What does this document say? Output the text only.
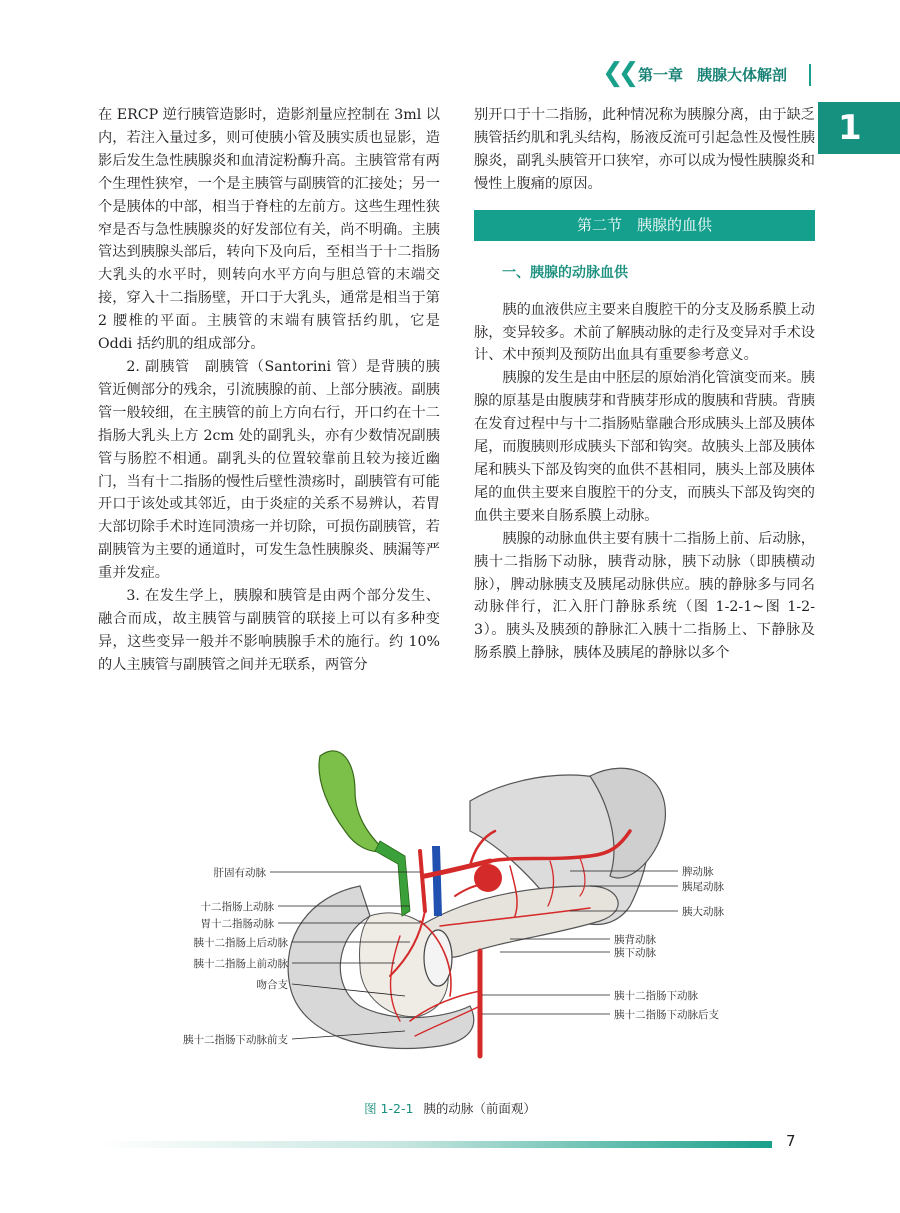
❮❮ 第一章 胰腺大体解剖
1

在 ERCP 逆行胰管造影时，造影剂量应控制在 3ml 以内，若注入量过多，则可使胰小管及胰实质也显影，造影后发生急性胰腺炎和血清淀粉酶升高。主胰管常有两个生理性狭窄，一个是主胰管与副胰管的汇接处；另一个是胰体的中部，相当于脊柱的左前方。这些生理性狭窄是否与急性胰腺炎的好发部位有关，尚不明确。主胰管达到胰腺头部后，转向下及向后，至相当于十二指肠大乳头的水平时，则转向水平方向与胆总管的末端交接，穿入十二指肠壁，开口于大乳头，通常是相当于第 2 腰椎的平面。主胰管的末端有胰管括约肌，它是 Oddi 括约肌的组成部分。

2. 副胰管　副胰管（Santorini 管）是背胰的胰管近侧部分的残余，引流胰腺的前、上部分胰液。副胰管一般较细，在主胰管的前上方向右行，开口约在十二指肠大乳头上方 2cm 处的副乳头，亦有少数情况副胰管与肠腔不相通。副乳头的位置较靠前且较为接近幽门，当有十二指肠的慢性后壁性溃疡时，副胰管有可能开口于该处或其邻近，由于炎症的关系不易辨认，若胃大部切除手术时连同溃疡一并切除，可损伤副胰管，若副胰管为主要的通道时，可发生急性胰腺炎、胰漏等严重并发症。

3. 在发生学上，胰腺和胰管是由两个部分发生、融合而成，故主胰管与副胰管的联接上可以有多种变异，这些变异一般并不影响胰腺手术的施行。约 10% 的人主胰管与副胰管之间并无联系，两管分

别开口于十二指肠，此种情况称为胰腺分离，由于缺乏胰管括约肌和乳头结构，肠液反流可引起急性及慢性胰腺炎，副乳头胰管开口狭窄，亦可以成为慢性胰腺炎和慢性上腹痛的原因。

第二节　胰腺的血供
一、胰腺的动脉血供

胰的血液供应主要来自腹腔干的分支及肠系膜上动脉，变异较多。术前了解胰动脉的走行及变异对手术设计、术中预判及预防出血具有重要参考意义。

胰腺的发生是由中胚层的原始消化管演变而来。胰腺的原基是由腹胰芽和背胰芽形成的腹胰和背胰。背胰在发育过程中与十二指肠贴靠融合形成胰头上部及胰体尾，而腹胰则形成胰头下部和钩突。故胰头上部及胰体尾和胰头下部及钩突的血供不甚相同，胰头上部及胰体尾的血供主要来自腹腔干的分支，而胰头下部及钩突的血供主要来自肠系膜上动脉。

胰腺的动脉血供主要有胰十二指肠上前、后动脉，胰十二指肠下动脉，胰背动脉，胰下动脉（即胰横动脉），脾动脉胰支及胰尾动脉供应。胰的静脉多与同名动脉伴行，汇入肝门静脉系统（图 1-2-1~图 1-2-3）。胰头及胰颈的静脉汇入胰十二指肠上、下静脉及肠系膜上静脉，胰体及胰尾的静脉以多个

肝固有动脉
十二指肠上动脉
胃十二指肠动脉
胰十二指肠上后动脉
胰十二指肠上前动脉
吻合支
胰十二指肠下动脉前支
脾动脉
胰尾动脉
胰大动脉
胰背动脉
胰下动脉
胰十二指肠下动脉
胰十二指肠下动脉后支
图 1-2-1 胰的动脉（前面观）
7
